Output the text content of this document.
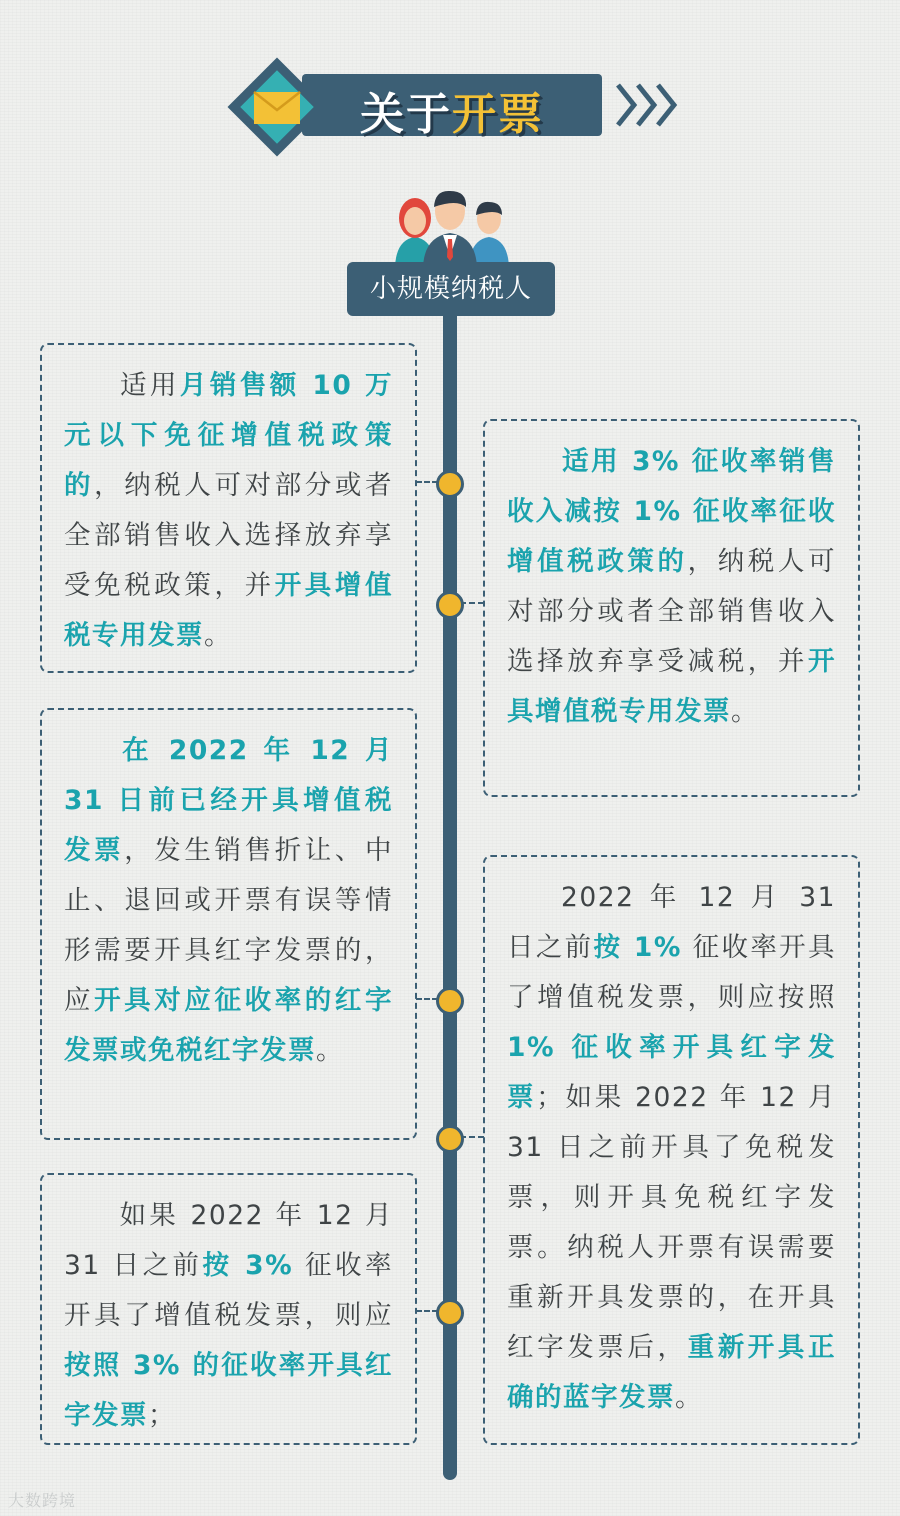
关于开票
小规模纳税人
适用月销售额 10 万元以下免征增值税政策的，纳税人可对部分或者全部销售收入选择放弃享受免税政策，并开具增值税专用发票。
适用 3% 征收率销售收入减按 1% 征收率征收增值税政策的，纳税人可对部分或者全部销售收入选择放弃享受减税，并开具增值税专用发票。
在 2022 年 12 月 31 日前已经开具增值税发票，发生销售折让、中止、退回或开票有误等情形需要开具红字发票的，应开具对应征收率的红字发票或免税红字发票。
2022 年 12 月 31 日之前按 1% 征收率开具了增值税发票，则应按照 1% 征收率开具红字发票；如果 2022 年 12 月 31 日之前开具了免税发票，则开具免税红字发票。纳税人开票有误需要重新开具发票的，在开具红字发票后，重新开具正确的蓝字发票。
如果 2022 年 12 月 31 日之前按 3% 征收率开具了增值税发票，则应按照 3% 的征收率开具红字发票；
大数跨境
